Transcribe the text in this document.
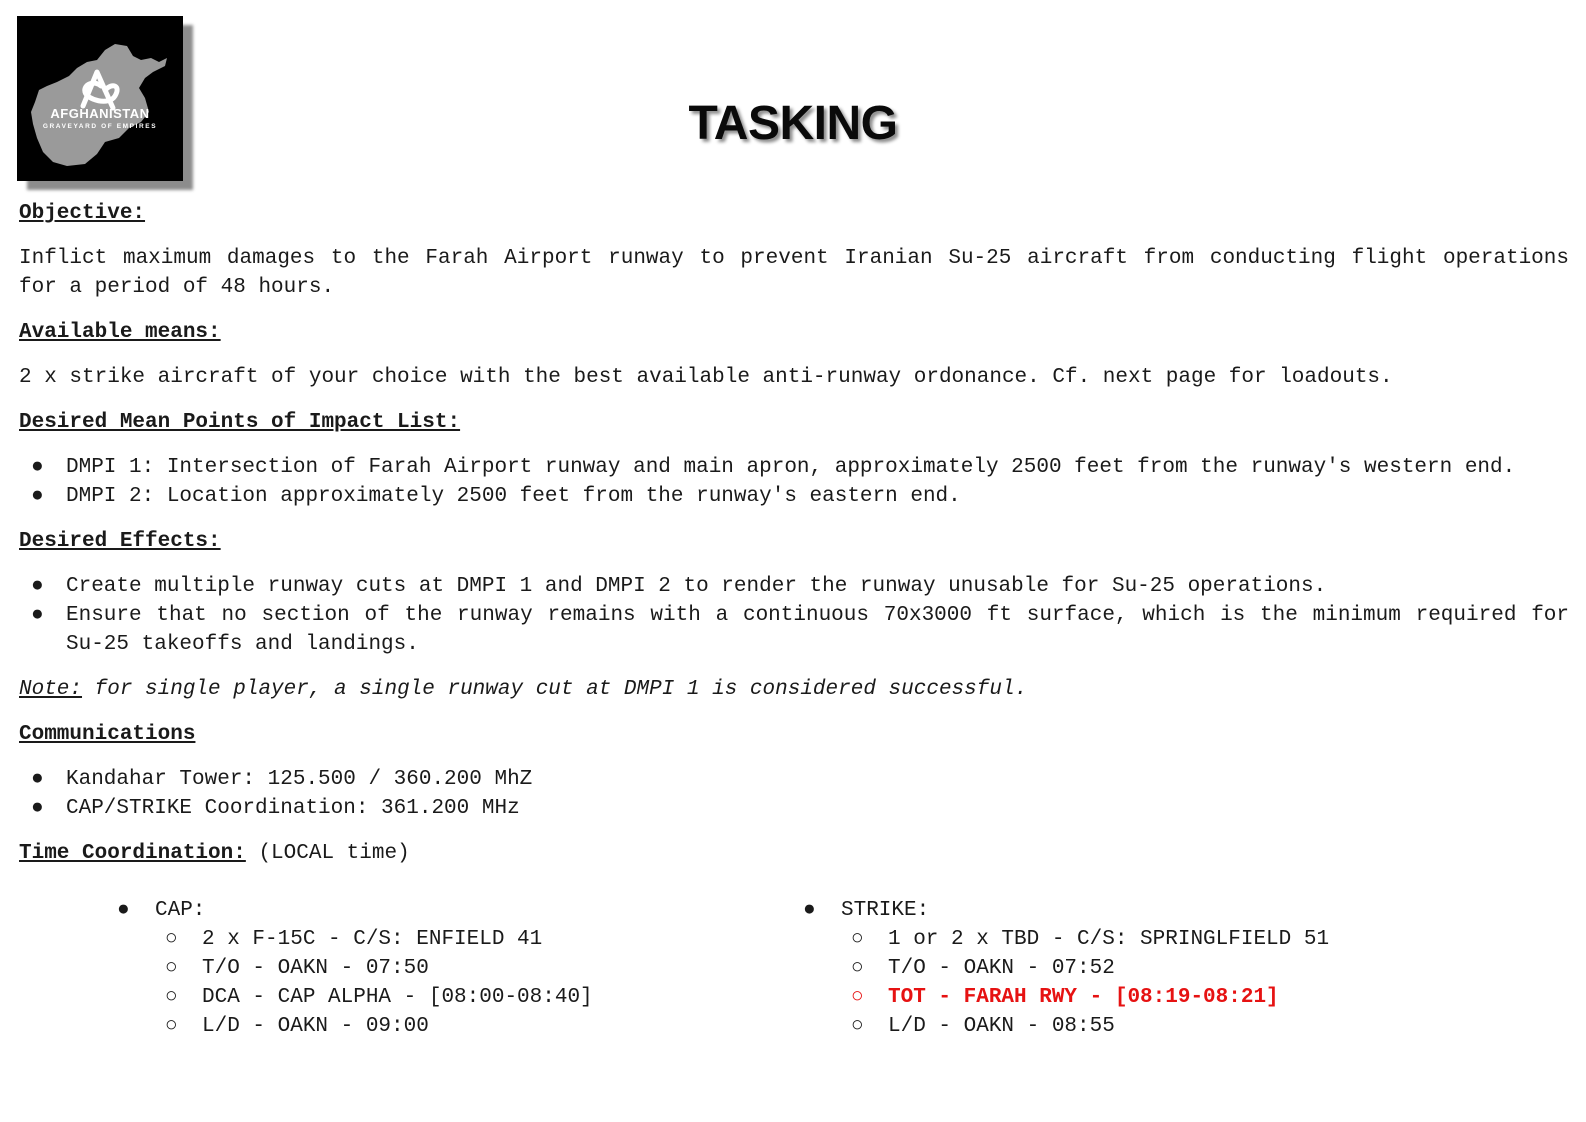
AFGHANISTAN
GRAVEYARD OF EMPIRES	TASKING
Objective:
Inflict maximum damages to the Farah Airport runway to prevent Iranian Su-25 aircraft from conducting flight operations for a period of 48 hours.
Available means:
2 x strike aircraft of your choice with the best available anti-runway ordonance. Cf. next page for loadouts.
Desired Mean Points of Impact List:
● DMPI 1: Intersection of Farah Airport runway and main apron, approximately 2500 feet from the runway's western end.
● DMPI 2: Location approximately 2500 feet from the runway's eastern end.
Desired Effects:
● Create multiple runway cuts at DMPI 1 and DMPI 2 to render the runway unusable for Su-25 operations.
● Ensure that no section of the runway remains with a continuous 70x3000 ft surface, which is the minimum required for Su-25 takeoffs and landings.
Note: for single player, a single runway cut at DMPI 1 is considered successful.
Communications
● Kandahar Tower: 125.500 / 360.200 MhZ
● CAP/STRIKE Coordination: 361.200 MHz
Time Coordination: (LOCAL time)
● CAP:
○ 2 x F-15C - C/S: ENFIELD 41
○ T/O - OAKN - 07:50
○ DCA - CAP ALPHA - [08:00-08:40]
○ L/D - OAKN - 09:00
● STRIKE:
○ 1 or 2 x TBD - C/S: SPRINGLFIELD 51
○ T/O - OAKN - 07:52
○ TOT - FARAH RWY - [08:19-08:21]
○ L/D - OAKN - 08:55
